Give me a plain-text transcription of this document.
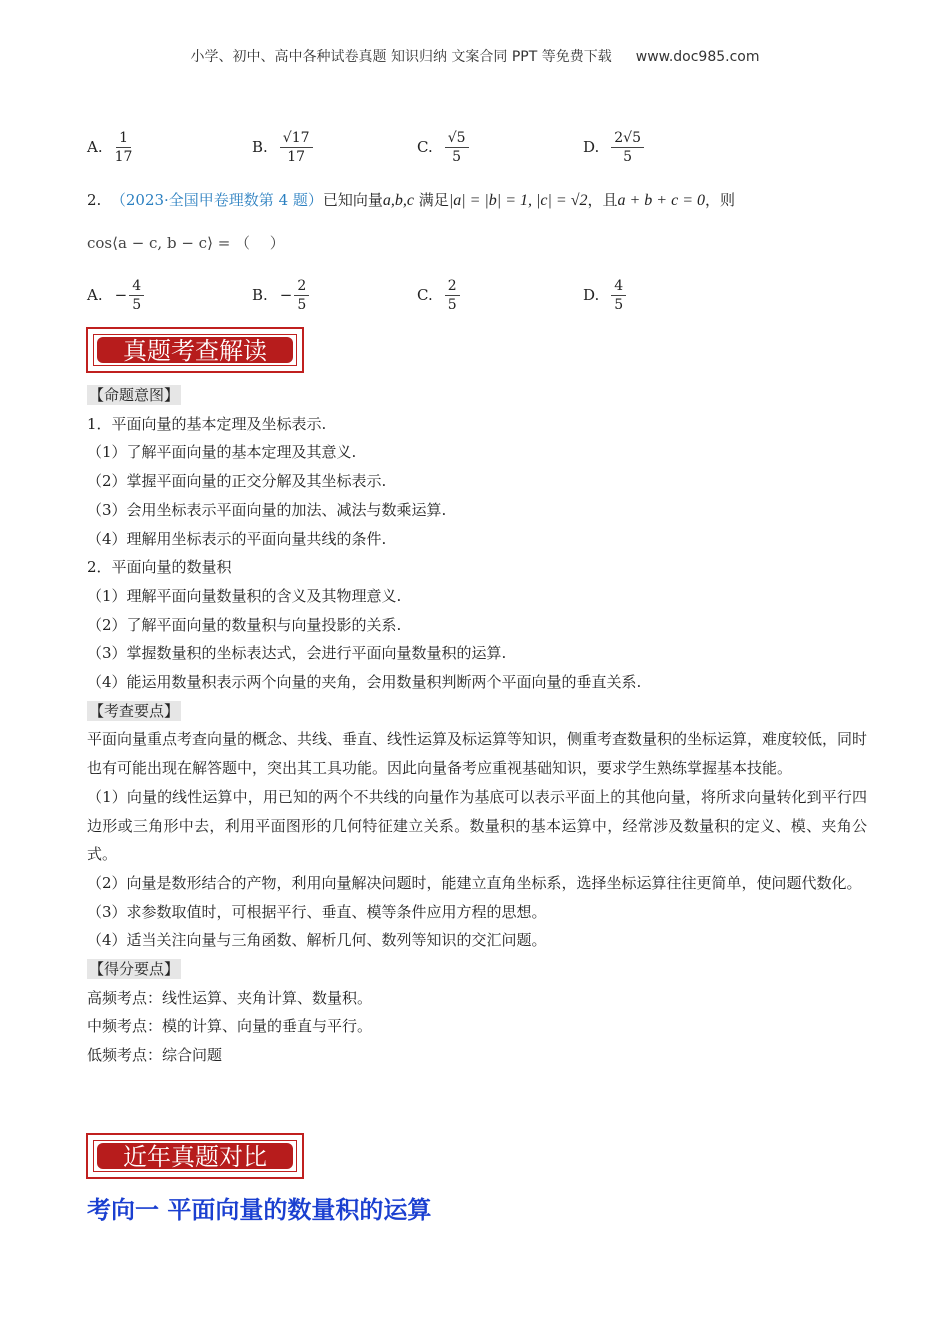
小学、初中、高中各种试卷真题 知识归纳 文案合同 PPT 等免费下载 www.doc985.com
A. $\frac{1}{17}$	B. $\frac{√17}{17}$	C. $\frac{√5}{5}$	D. $\frac{2√5}{5}$
2. （2023·全国甲卷理数第 4 题）已知向量a,b,c 满足|a| = |b| = 1, |c| = √2，且a + b + c = 0，则
cos⟨a − c, b − c⟩ = （　 ）
A. − $\frac{4}{5}$	B. − $\frac{2}{5}$	C. $\frac{2}{5}$	D. $\frac{4}{5}$
真题考查解读

【命题意图】

1．平面向量的基本定理及坐标表示.

（1）了解平面向量的基本定理及其意义.

（2）掌握平面向量的正交分解及其坐标表示.

（3）会用坐标表示平面向量的加法、减法与数乘运算.

（4）理解用坐标表示的平面向量共线的条件.

2．平面向量的数量积

（1）理解平面向量数量积的含义及其物理意义.

（2）了解平面向量的数量积与向量投影的关系.

（3）掌握数量积的坐标表达式，会进行平面向量数量积的运算.

（4）能运用数量积表示两个向量的夹角，会用数量积判断两个平面向量的垂直关系.

【考查要点】

平面向量重点考查向量的概念、共线、垂直、线性运算及标运算等知识，侧重考查数量积的坐标运算，难度较低，同时也有可能出现在解答题中，突出其工具功能。因此向量备考应重视基础知识，要求学生熟练掌握基本技能。

（1）向量的线性运算中，用已知的两个不共线的向量作为基底可以表示平面上的其他向量，将所求向量转化到平行四边形或三角形中去，利用平面图形的几何特征建立关系。数量积的基本运算中，经常涉及数量积的定义、模、夹角公式。

（2）向量是数形结合的产物，利用向量解决问题时，能建立直角坐标系，选择坐标运算往往更简单，使问题代数化。

（3）求参数取值时，可根据平行、垂直、模等条件应用方程的思想。

（4）适当关注向量与三角函数、解析几何、数列等知识的交汇问题。

【得分要点】

高频考点：线性运算、夹角计算、数量积。

中频考点：模的计算、向量的垂直与平行。

低频考点：综合问题

近年真题对比
考向一 平面向量的数量积的运算
